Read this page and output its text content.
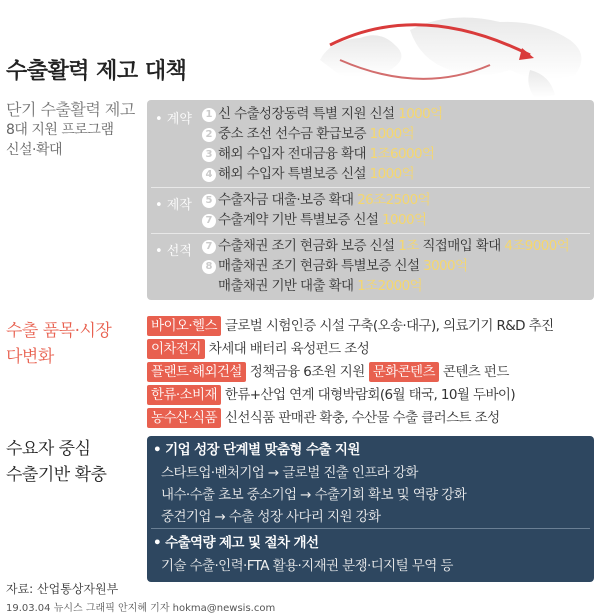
수출활력 제고 대책
단기 수출활력 제고
8대 지원 프로그램
신설·확대
• 계약	1 신 수출성장동력 특별 지원 신설 1000억
2 중소 조선 선수금 환급보증 1000억
3 해외 수입자 전대금융 확대 1조6000억
4 해외 수입자 특별보증 신설 1000억
• 제작	5 수출자금 대출·보증 확대 26조2500억
7 수출계약 기반 특별보증 신설 1000억
• 선적	7 수출채권 조기 현금화 보증 신설 1조 직접매입 확대 4조9000억
8 매출채권 조기 현금화 특별보증 신설 3000억
매출채권 기반 대출 확대 1조2000억
수출 품목·시장
다변화
바이오·헬스 글로벌 시험인증 시설 구축(오송·대구), 의료기기 R&D 추진
이차전지 차세대 배터리 육성펀드 조성
플랜트·해외건설 정책금융 6조원 지원 문화콘텐츠 콘텐츠 펀드
한류·소비재 한류+산업 연계 대형박람회(6월 태국, 10월 두바이)
농수산·식품 신선식품 판매관 확충, 수산물 수출 클러스트 조성
수요자 중심
수출기반 확충
• 기업 성장 단계별 맞춤형 수출 지원
스타트업·벤처기업 → 글로벌 진출 인프라 강화
내수·수출 초보 중소기업 → 수출기회 확보 및 역량 강화
중견기업 → 수출 성장 사다리 지원 강화
• 수출역량 제고 및 절차 개선
기술 수출·인력·FTA 활용·지재권 분쟁·디지털 무역 등
자료: 산업통상자원부
19.03.04 뉴시스 그래픽 안지혜 기자 hokma@newsis.com
